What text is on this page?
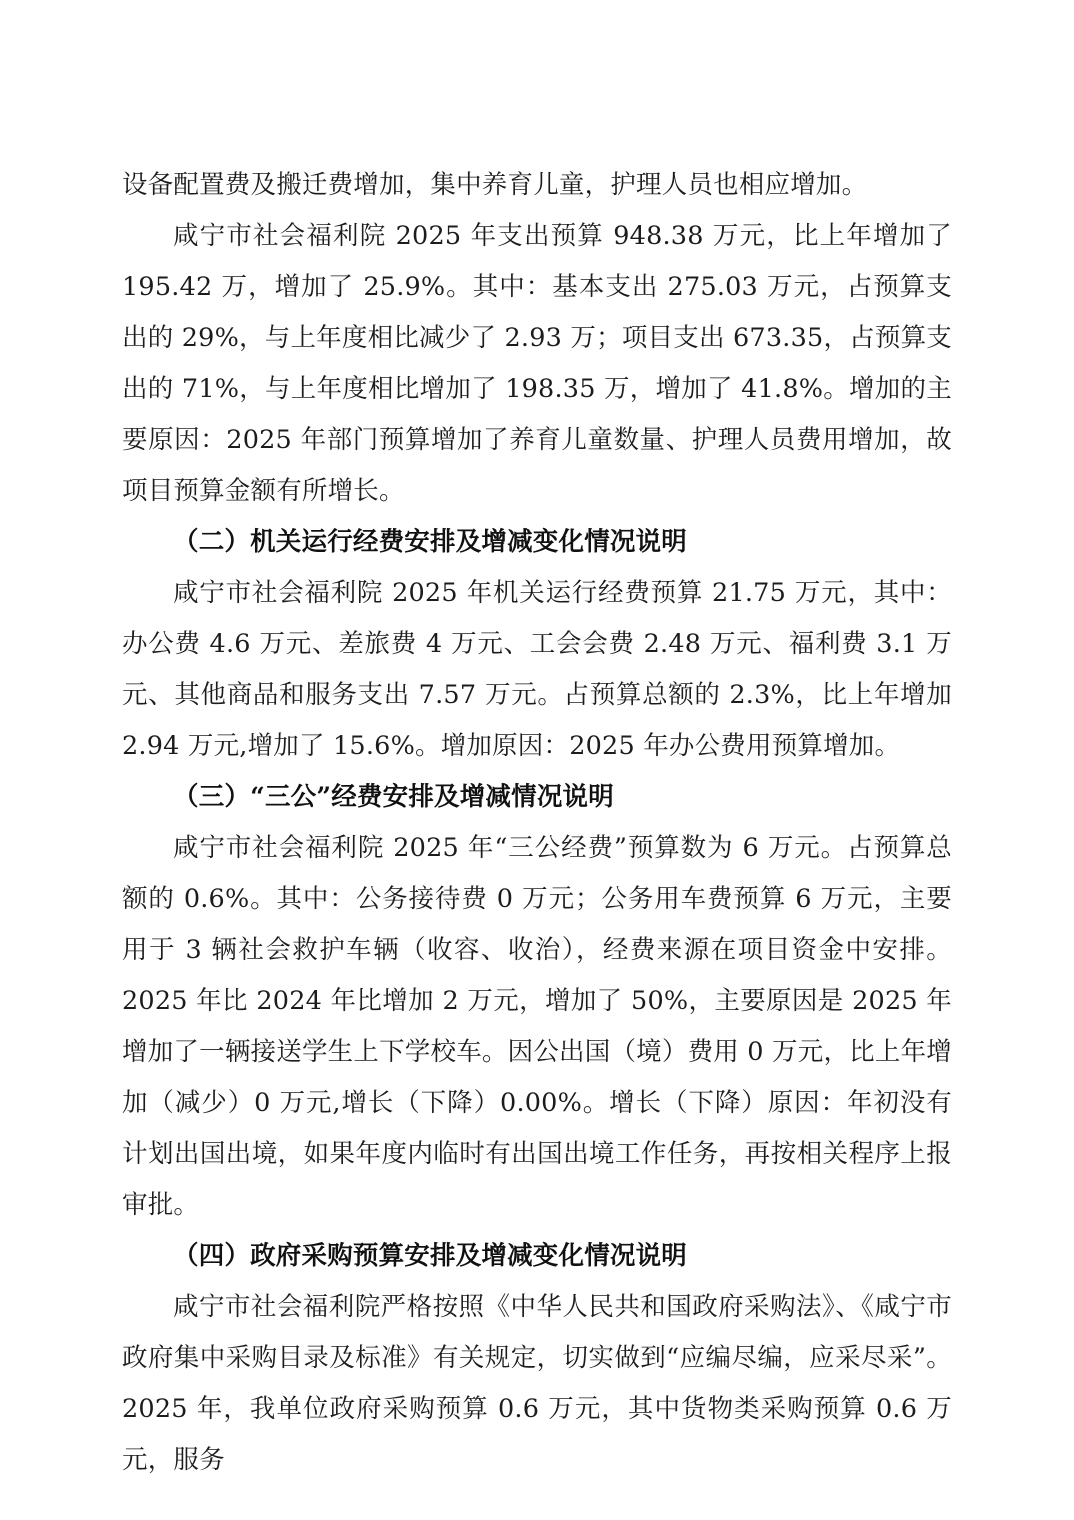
设备配置费及搬迁费增加，集中养育儿童，护理人员也相应增加。

咸宁市社会福利院 2025 年支出预算 948.38 万元，比上年增加了 195.42 万，增加了 25.9%。其中：基本支出 275.03 万元，占预算支出的 29%，与上年度相比减少了 2.93 万；项目支出 673.35，占预算支出的 71%，与上年度相比增加了 198.35 万，增加了 41.8%。增加的主要原因：2025 年部门预算增加了养育儿童数量、护理人员费用增加，故项目预算金额有所增长。

（二）机关运行经费安排及增减变化情况说明

咸宁市社会福利院 2025 年机关运行经费预算 21.75 万元，其中：办公费 4.6 万元、差旅费 4 万元、工会会费 2.48 万元、福利费 3.1 万元、其他商品和服务支出 7.57 万元。占预算总额的 2.3%，比上年增加 2.94 万元,增加了 15.6%。增加原因：2025 年办公费用预算增加。

（三）“三公”经费安排及增减情况说明

咸宁市社会福利院 2025 年“三公经费”预算数为 6 万元。占预算总额的 0.6%。其中：公务接待费 0 万元；公务用车费预算 6 万元，主要用于 3 辆社会救护车辆（收容、收治），经费来源在项目资金中安排。2025 年比 2024 年比增加 2 万元，增加了 50%，主要原因是 2025 年增加了一辆接送学生上下学校车。因公出国（境）费用 0 万元，比上年增加（减少）0 万元,增长（下降）0.00%。增长（下降）原因：年初没有计划出国出境，如果年度内临时有出国出境工作任务，再按相关程序上报审批。

（四）政府采购预算安排及增减变化情况说明

咸宁市社会福利院严格按照《中华人民共和国政府采购法》、《咸宁市政府集中采购目录及标准》有关规定，切实做到“应编尽编，应采尽采”。2025 年，我单位政府采购预算 0.6 万元，其中货物类采购预算 0.6 万元，服务
